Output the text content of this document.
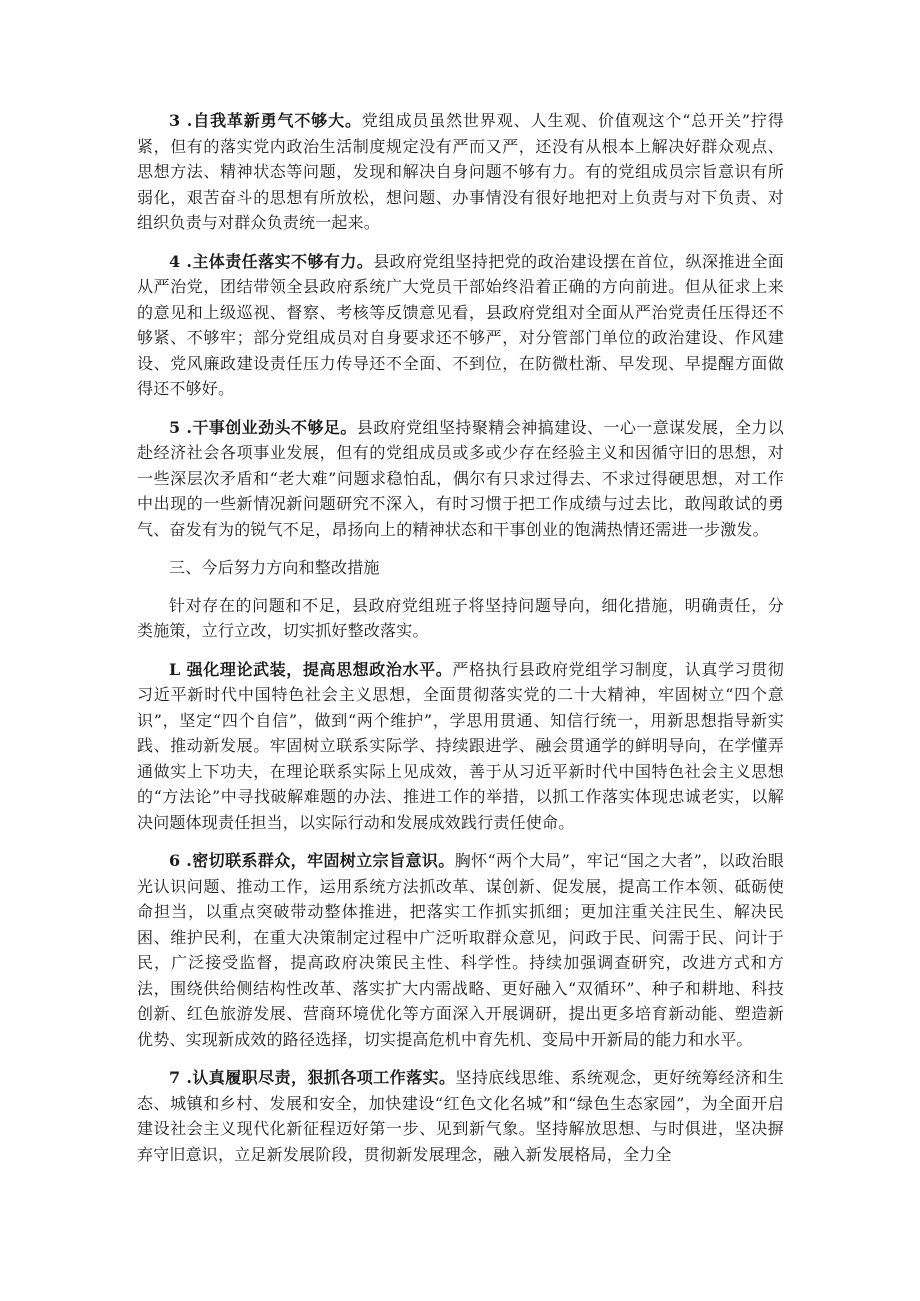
3 .自我革新勇气不够大。党组成员虽然世界观、人生观、价值观这个“总开关”拧得紧，但有的落实党内政治生活制度规定没有严而又严，还没有从根本上解决好群众观点、思想方法、精神状态等问题，发现和解决自身问题不够有力。有的党组成员宗旨意识有所弱化，艰苦奋斗的思想有所放松，想问题、办事情没有很好地把对上负责与对下负责、对组织负责与对群众负责统一起来。

4 .主体责任落实不够有力。县政府党组坚持把党的政治建设摆在首位，纵深推进全面从严治党，团结带领全县政府系统广大党员干部始终沿着正确的方向前进。但从征求上来的意见和上级巡视、督察、考核等反馈意见看，县政府党组对全面从严治党责任压得还不够紧、不够牢；部分党组成员对自身要求还不够严，对分管部门单位的政治建设、作风建设、党风廉政建设责任压力传导还不全面、不到位，在防微杜渐、早发现、早提醒方面做得还不够好。

5 .干事创业劲头不够足。县政府党组坚持聚精会神搞建设、一心一意谋发展，全力以赴经济社会各项事业发展，但有的党组成员或多或少存在经验主义和因循守旧的思想，对一些深层次矛盾和“老大难”问题求稳怕乱，偶尔有只求过得去、不求过得硬思想，对工作中出现的一些新情况新问题研究不深入，有时习惯于把工作成绩与过去比，敢闯敢试的勇气、奋发有为的锐气不足，昂扬向上的精神状态和干事创业的饱满热情还需进一步激发。

三、今后努力方向和整改措施

针对存在的问题和不足，县政府党组班子将坚持问题导向，细化措施，明确责任，分类施策，立行立改，切实抓好整改落实。

L 强化理论武装，提高思想政治水平。严格执行县政府党组学习制度，认真学习贯彻习近平新时代中国特色社会主义思想，全面贯彻落实党的二十大精神，牢固树立“四个意识”，坚定“四个自信”，做到“两个维护”，学思用贯通、知信行统一，用新思想指导新实践、推动新发展。牢固树立联系实际学、持续跟进学、融会贯通学的鲜明导向，在学懂弄通做实上下功夫，在理论联系实际上见成效，善于从习近平新时代中国特色社会主义思想的“方法论”中寻找破解难题的办法、推进工作的举措，以抓工作落实体现忠诚老实，以解决问题体现责任担当，以实际行动和发展成效践行责任使命。

6 .密切联系群众，牢固树立宗旨意识。胸怀“两个大局”，牢记“国之大者”，以政治眼光认识问题、推动工作，运用系统方法抓改革、谋创新、促发展，提高工作本领、砥砺使命担当，以重点突破带动整体推进，把落实工作抓实抓细；更加注重关注民生、解决民困、维护民利，在重大决策制定过程中广泛听取群众意见，问政于民、问需于民、问计于民，广泛接受监督，提高政府决策民主性、科学性。持续加强调查研究，改进方式和方法，围绕供给侧结构性改革、落实扩大内需战略、更好融入“双循环”、种子和耕地、科技创新、红色旅游发展、营商环境优化等方面深入开展调研，提出更多培育新动能、塑造新优势、实现新成效的路径选择，切实提高危机中育先机、变局中开新局的能力和水平。

7 .认真履职尽责，狠抓各项工作落实。坚持底线思维、系统观念，更好统筹经济和生态、城镇和乡村、发展和安全，加快建设“红色文化名城”和“绿色生态家园”，为全面开启建设社会主义现代化新征程迈好第一步、见到新气象。坚持解放思想、与时俱进，坚决摒弃守旧意识，立足新发展阶段，贯彻新发展理念，融入新发展格局，全力全
